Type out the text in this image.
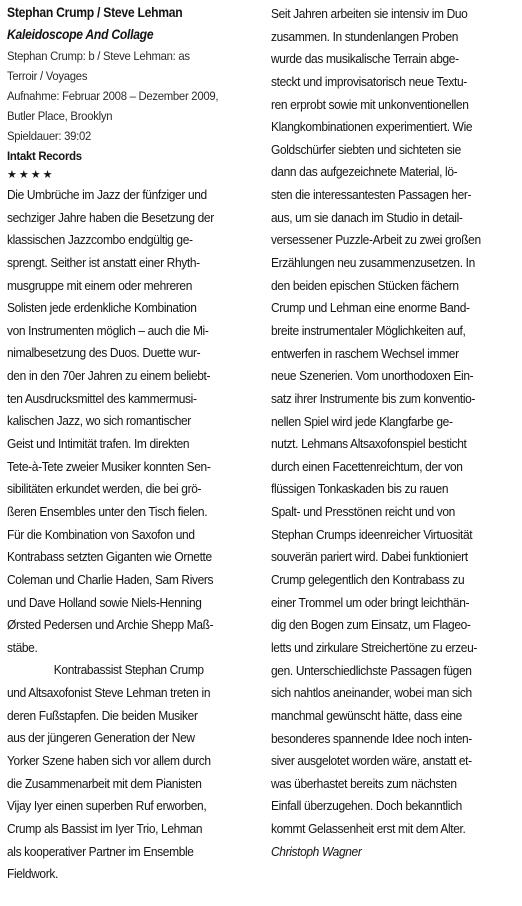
Stephan Crump / Steve Lehman
Kaleidoscope And Collage
Stephan Crump: b / Steve Lehman: as
Terroir / Voyages
Aufnahme: Februar 2008 – Dezember 2009,
Butler Place, Brooklyn
Spieldauer: 39:02
Intakt Records
★★★★
Die Umbrüche im Jazz der fünfziger und
sechziger Jahre haben die Besetzung der
klassischen Jazzcombo endgültig ge-
sprengt. Seither ist anstatt einer Rhyth-
musgruppe mit einem oder mehreren
Solisten jede erdenkliche Kombination
von Instrumenten möglich – auch die Mi-
nimalbesetzung des Duos. Duette wur-
den in den 70er Jahren zu einem beliebt-
ten Ausdrucksmittel des kammermusi-
kalischen Jazz, wo sich romantischer
Geist und Intimität trafen. Im direkten
Tete-à-Tete zweier Musiker konnten Sen-
sibilitäten erkundet werden, die bei grö-
ßeren Ensembles unter den Tisch fielen.
Für die Kombination von Saxofon und
Kontrabass setzten Giganten wie Ornette
Coleman und Charlie Haden, Sam Rivers
und Dave Holland sowie Niels-Henning
Ørsted Pedersen und Archie Shepp Maß-
stäbe.
Kontrabassist Stephan Crump
und Altsaxofonist Steve Lehman treten in
deren Fußstapfen. Die beiden Musiker
aus der jüngeren Generation der New
Yorker Szene haben sich vor allem durch
die Zusammenarbeit mit dem Pianisten
Vijay Iyer einen superben Ruf erworben,
Crump als Bassist im Iyer Trio, Lehman
als kooperativer Partner im Ensemble
Fieldwork.
Seit Jahren arbeiten sie intensiv im Duo
zusammen. In stundenlangen Proben
wurde das musikalische Terrain abge-
steckt und improvisatorisch neue Textu-
ren erprobt sowie mit unkonventionellen
Klangkombinationen experimentiert. Wie
Goldschürfer siebten und sichteten sie
dann das aufgezeichnete Material, lö-
sten die interessantesten Passagen her-
aus, um sie danach im Studio in detail-
versessener Puzzle-Arbeit zu zwei großen
Erzählungen neu zusammenzusetzen. In
den beiden epischen Stücken fächern
Crump und Lehman eine enorme Band-
breite instrumentaler Möglichkeiten auf,
entwerfen in raschem Wechsel immer
neue Szenerien. Vom unorthodoxen Ein-
satz ihrer Instrumente bis zum konventio-
nellen Spiel wird jede Klangfarbe ge-
nutzt. Lehmans Altsaxofonspiel besticht
durch einen Facettenreichtum, der von
flüssigen Tonkaskaden bis zu rauen
Spalt- und Presstönen reicht und von
Stephan Crumps ideenreicher Virtuosität
souverän pariert wird. Dabei funktioniert
Crump gelegentlich den Kontrabass zu
einer Trommel um oder bringt leichthän-
dig den Bogen zum Einsatz, um Flageo-
letts und zirkulare Streichertöne zu erzeu-
gen. Unterschiedlichste Passagen fügen
sich nahtlos aneinander, wobei man sich
manchmal gewünscht hätte, dass eine
besonderes spannende Idee noch inten-
siver ausgelotet worden wäre, anstatt et-
was überhastet bereits zum nächsten
Einfall überzugehen. Doch bekanntlich
kommt Gelassenheit erst mit dem Alter.
Christoph Wagner
